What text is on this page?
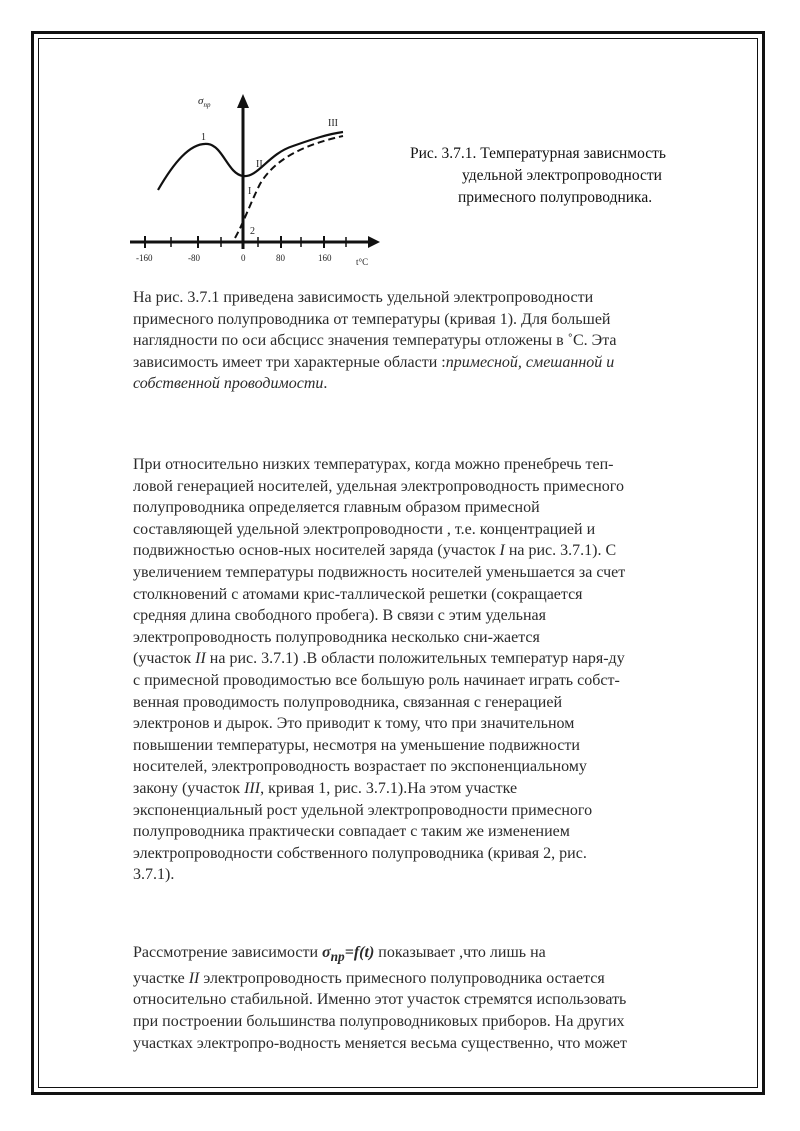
$\sigma_{пр}$
t°C
-160	-80	0	80	160
1
II
III
I
2
Рис. 3.7.1. Температурная зависнмость
удельной электропроводности
примесного полупроводника.
На рис. 3.7.1 приведена зависимость удельной электропроводности
примесного полупроводника от температуры (кривая 1). Для большей
наглядности по оси абсцисс значения температуры отложены в ˚С. Эта
зависимость имеет три характерные области :примесной, смешанной и
собственной проводимости.
При относительно низких температурах, когда можно пренебречь теп-
ловой генерацией носителей, удельная электропроводность примесного
полупроводника определяется главным образом примесной
составляющей удельной электропроводности , т.е. концентрацией и
подвижностью основ-ных носителей заряда (участок I на рис. 3.7.1). С
увеличением температуры подвижность носителей уменьшается за счет
столкновений с атомами крис-таллической решетки (сокращается
средняя длина свободного пробега). В связи с этим удельная
электропроводность полупроводника несколько сни-жается
(участок II на рис. 3.7.1) .В области положительных температур наря-ду
с примесной проводимостью все большую роль начинает играть собст-
венная проводимость полупроводника, связанная с генерацией
электронов и дырок. Это приводит к тому, что при значительном
повышении температуры, несмотря на уменьшение подвижности
носителей, электропроводность возрастает по экспоненциальному
закону (участок III, кривая 1, рис. 3.7.1).На этом участке
экспоненциальный рост удельной электропроводности примесного
полупроводника практически совпадает с таким же изменением
электропроводности собственного полупроводника (кривая 2, рис.
3.7.1).
Рассмотрение зависимости $\sigma_{пр}=f(t)$ показывает ,что лишь на
участке II электропроводность примесного полупроводника остается
относительно стабильной. Именно этот участок стремятся использовать
при построении большинства полупроводниковых приборов. На других
участках электропро-водность меняется весьма существенно, что может
